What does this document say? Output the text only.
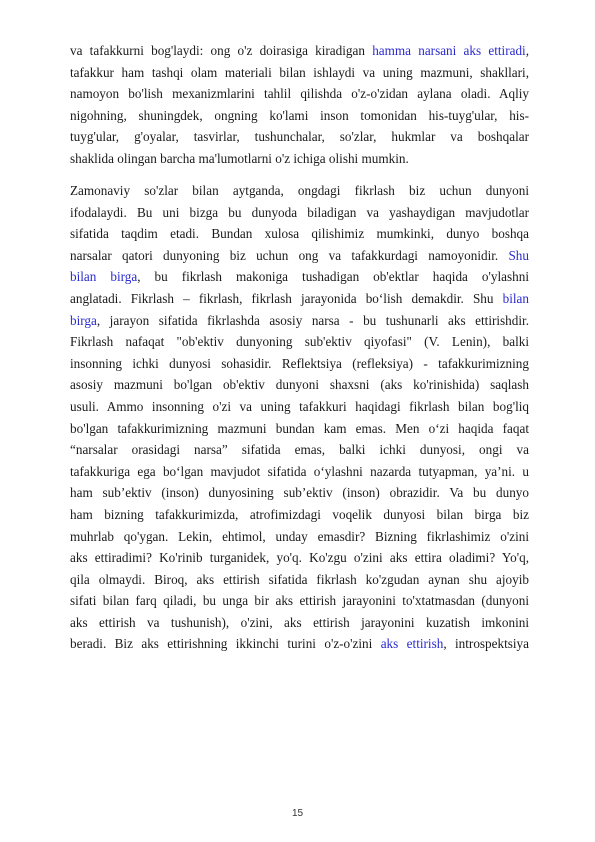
va tafakkurni bog'laydi: ong o'z doirasiga kiradigan hamma narsani aks ettiradi,
tafakkur ham tashqi olam materiali bilan ishlaydi va uning mazmuni, shakllari,
namoyon bo'lish mexanizmlarini tahlil qilishda o'z-o'zidan aylana oladi. Aqliy
nigohning, shuningdek, ongning ko'lami inson tomonidan his-tuyg'ular, his-
tuyg'ular, g'oyalar, tasvirlar, tushunchalar, so'zlar, hukmlar va boshqalar
shaklida olingan barcha ma'lumotlarni o'z ichiga olishi mumkin.
Zamonaviy so'zlar bilan aytganda, ongdagi fikrlash biz uchun dunyoni
ifodalaydi. Bu uni bizga bu dunyoda biladigan va yashaydigan mavjudotlar
sifatida taqdim etadi. Bundan xulosa qilishimiz mumkinki, dunyo boshqa
narsalar qatori dunyoning biz uchun ong va tafakkurdagi namoyonidir. Shu
bilan birga, bu fikrlash makoniga tushadigan ob'ektlar haqida o'ylashni
anglatadi. Fikrlash – fikrlash, fikrlash jarayonida bo‘lish demakdir. Shu bilan
birga, jarayon sifatida fikrlashda asosiy narsa - bu tushunarli aks ettirishdir.
Fikrlash nafaqat "ob'ektiv dunyoning sub'ektiv qiyofasi" (V. Lenin), balki
insonning ichki dunyosi sohasidir. Reflektsiya (refleksiya) - tafakkurimizning
asosiy mazmuni bo'lgan ob'ektiv dunyoni shaxsni (aks ko'rinishida) saqlash
usuli. Ammo insonning o'zi va uning tafakkuri haqidagi fikrlash bilan bog'liq
bo'lgan tafakkurimizning mazmuni bundan kam emas. Men o‘zi haqida faqat
“narsalar orasidagi narsa” sifatida emas, balki ichki dunyosi, ongi va
tafakkuriga ega bo‘lgan mavjudot sifatida o‘ylashni nazarda tutyapman, ya’ni. u
ham sub’ektiv (inson) dunyosining sub’ektiv (inson) obrazidir. Va bu dunyo
ham bizning tafakkurimizda, atrofimizdagi voqelik dunyosi bilan birga biz
muhrlab qo'ygan. Lekin, ehtimol, unday emasdir? Bizning fikrlashimiz o'zini
aks ettiradimi? Ko'rinib turganidek, yo'q. Ko'zgu o'zini aks ettira oladimi? Yo'q,
qila olmaydi. Biroq, aks ettirish sifatida fikrlash ko'zgudan aynan shu ajoyib
sifati bilan farq qiladi, bu unga bir aks ettirish jarayonini to'xtatmasdan (dunyoni
aks ettirish va tushunish), o'zini, aks ettirish jarayonini kuzatish imkonini
beradi. Biz aks ettirishning ikkinchi turini o'z-o'zini aks ettirish, introspektsiya
15
